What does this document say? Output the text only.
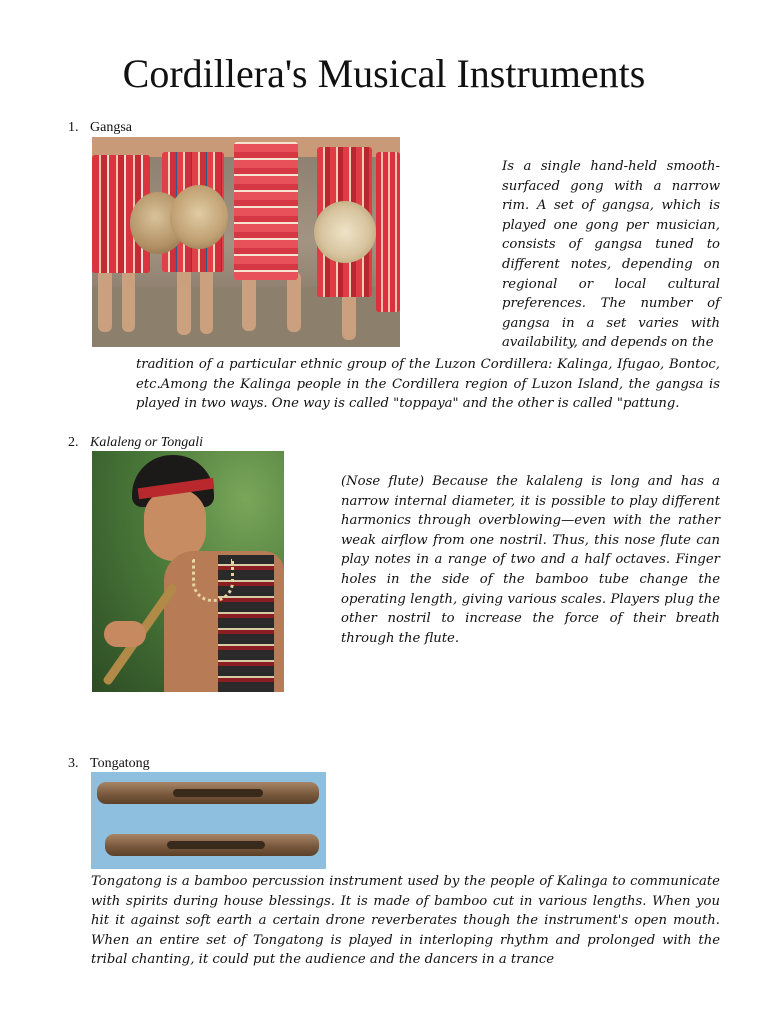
Cordillera's Musical Instruments
1. Gangsa

Is a single hand-held smooth-surfaced gong with a narrow rim. A set of gangsa, which is played one gong per musician, consists of gangsa tuned to different notes, depending on regional or local cultural preferences. The number of gangsa in a set varies with availability, and depends on the

tradition of a particular ethnic group of the Luzon Cordillera: Kalinga, Ifugao, Bontoc, etc.Among the Kalinga people in the Cordillera region of Luzon Island, the gangsa is played in two ways. One way is called "toppaya" and the other is called "pattung.

2. Kalaleng or Tongali

(Nose flute) Because the kalaleng is long and has a narrow internal diameter, it is possible to play different harmonics through overblowing—even with the rather weak airflow from one nostril. Thus, this nose flute can play notes in a range of two and a half octaves. Finger holes in the side of the bamboo tube change the operating length, giving various scales. Players plug the other nostril to increase the force of their breath through the flute.

3. Tongatong

Tongatong is a bamboo percussion instrument used by the people of Kalinga to communicate with spirits during house blessings. It is made of bamboo cut in various lengths. When you hit it against soft earth a certain drone reverberates though the instrument's open mouth. When an entire set of Tongatong is played in interloping rhythm and prolonged with the tribal chanting, it could put the audience and the dancers in a trance
